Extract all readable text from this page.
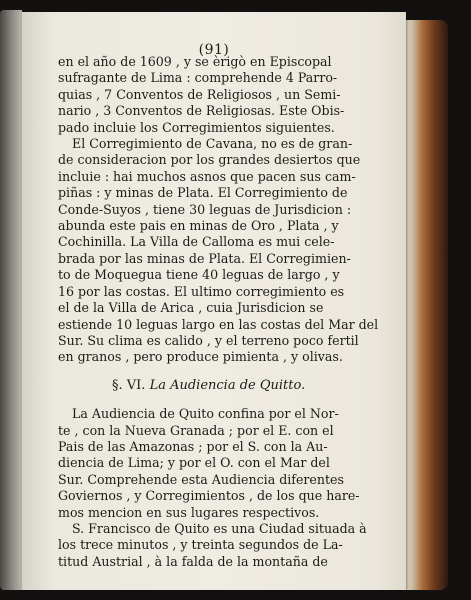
(91)
en el año de 1609 , y se èrigò en Episcopal
sufragante de Lima : comprehende 4 Parro-
quias , 7 Conventos de Religiosos , un Semi-
nario , 3 Conventos de Religiosas. Este Obis-
pado incluie los Corregimientos siguientes.
El Corregimiento de Cavana, no es de gran-
de consideracion por los grandes desiertos que
incluie : hai muchos asnos que pacen sus cam-
piñas : y minas de Plata. El Corregimiento de
Conde-Suyos , tiene 30 leguas de Jurisdicion :
abunda este pais en minas de Oro , Plata , y
Cochinilla. La Villa de Calloma es mui cele-
brada por las minas de Plata. El Corregimien-
to de Moquegua tiene 40 leguas de largo , y
16 por las costas. El ultimo corregimiento es
el de la Villa de Arica , cuia Jurisdicion se
estiende 10 leguas largo en las costas del Mar del
Sur. Su clima es calido , y el terreno poco fertil
en granos , pero produce pimienta , y olivas.
§. VI. La Audiencia de Quitto.
La Audiencia de Quito confina por el Nor-
te , con la Nueva Granada ; por el E. con el
Pais de las Amazonas ; por el S. con la Au-
diencia de Lima; y por el O. con el Mar del
Sur. Comprehende esta Audiencia diferentes
Goviernos , y Corregimientos , de los que hare-
mos mencion en sus lugares respectivos.
S. Francisco de Quito es una Ciudad situada à
los trece minutos , y treinta segundos de La-
titud Austrial , à la falda de la montaña de
